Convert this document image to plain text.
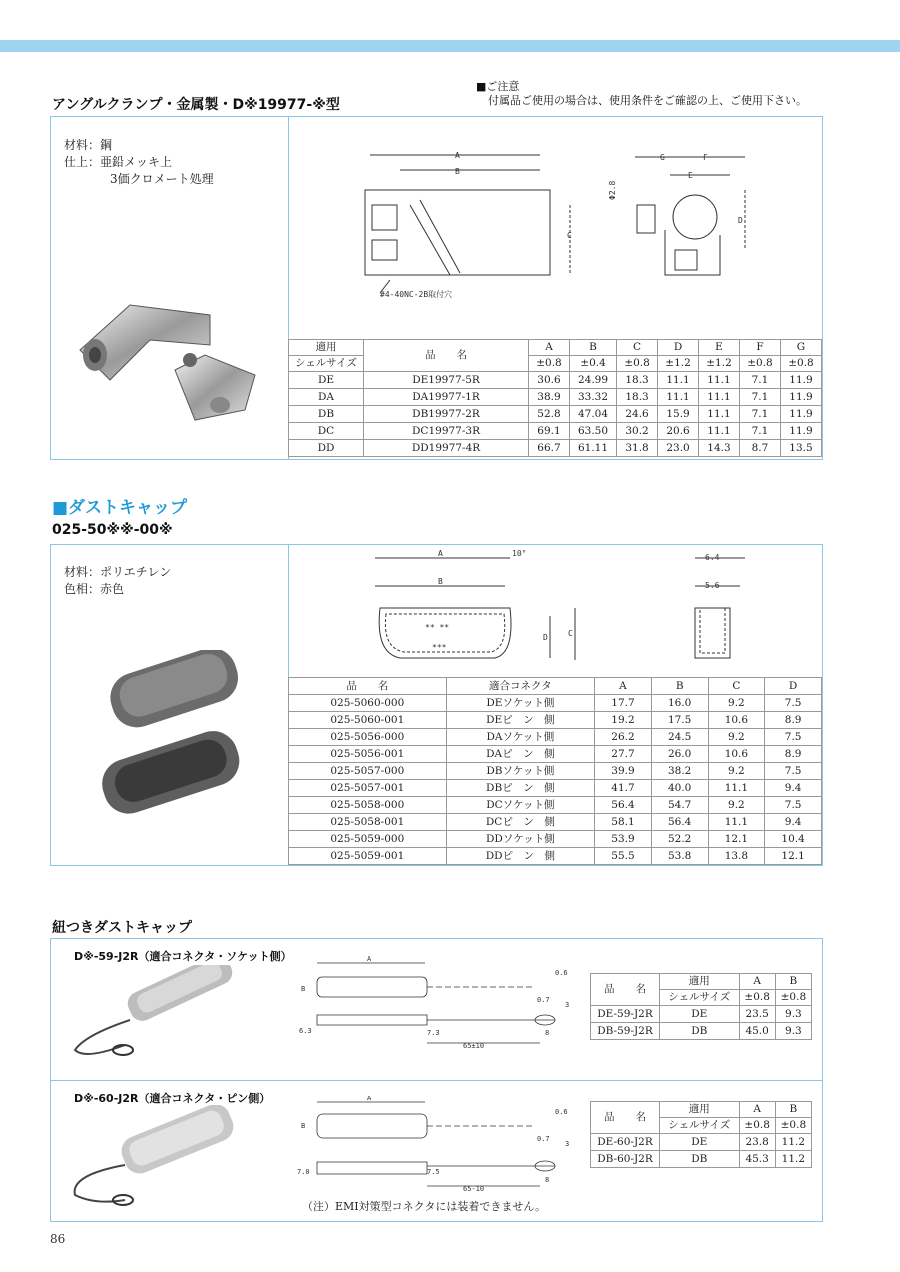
アングルクランプ・金属製・D※19977-※型
■ご注意
付属品ご使用の場合は、使用条件をご確認の上、ご使用下さい。
材料：鋼
仕上：亜鉛メッキ上
3価クロメート処理
A
B
C
#4-40NC-2B取付穴
G	F
E
D
Φ2.8
適用	品　　名	A	B	C	D	E	F	G
シェルサイズ		±0.8	±0.4	±0.8	±1.2	±1.2	±0.8	±0.8
DE	DE19977-5R	30.6	24.99	18.3	11.1	11.1	7.1	11.9
DA	DA19977-1R	38.9	33.32	18.3	11.1	11.1	7.1	11.9
DB	DB19977-2R	52.8	47.04	24.6	15.9	11.1	7.1	11.9
DC	DC19977-3R	69.1	63.50	30.2	20.6	11.1	7.1	11.9
DD	DD19977-4R	66.7	61.11	31.8	23.0	14.3	8.7	13.5
■ダストキャップ
025-50※※-00※
材料：ポリエチレン
色相：赤色
A
B
10°
** **
***
D	C
6.4
5.6
品　　名	適合コネクタ	A	B	C	D
025-5060-000	DEソケット側	17.7	16.0	9.2	7.5
025-5060-001	DEピ　ン　側	19.2	17.5	10.6	8.9
025-5056-000	DAソケット側	26.2	24.5	9.2	7.5
025-5056-001	DAピ　ン　側	27.7	26.0	10.6	8.9
025-5057-000	DBソケット側	39.9	38.2	9.2	7.5
025-5057-001	DBピ　ン　側	41.7	40.0	11.1	9.4
025-5058-000	DCソケット側	56.4	54.7	9.2	7.5
025-5058-001	DCピ　ン　側	58.1	56.4	11.1	9.4
025-5059-000	DDソケット側	53.9	52.2	12.1	10.4
025-5059-001	DDピ　ン　側	55.5	53.8	13.8	12.1
紐つきダストキャップ
D※-59-J2R（適合コネクタ・ソケット側）
D※-60-J2R（適合コネクタ・ピン側）
A
B
0.6
0.7
3
6.3	7.3	8
65±10
A
B
0.6
0.7
3
7.0	7.5
8
65-10
品　　名	適用	A	B
	シェルサイズ	±0.8	±0.8
DE-59-J2R	DE	23.5	9.3
DB-59-J2R	DB	45.0	9.3
品　　名	適用	A	B
	シェルサイズ	±0.8	±0.8
DE-60-J2R	DE	23.8	11.2
DB-60-J2R	DB	45.3	11.2
（注）EMI対策型コネクタには装着できません。
86
